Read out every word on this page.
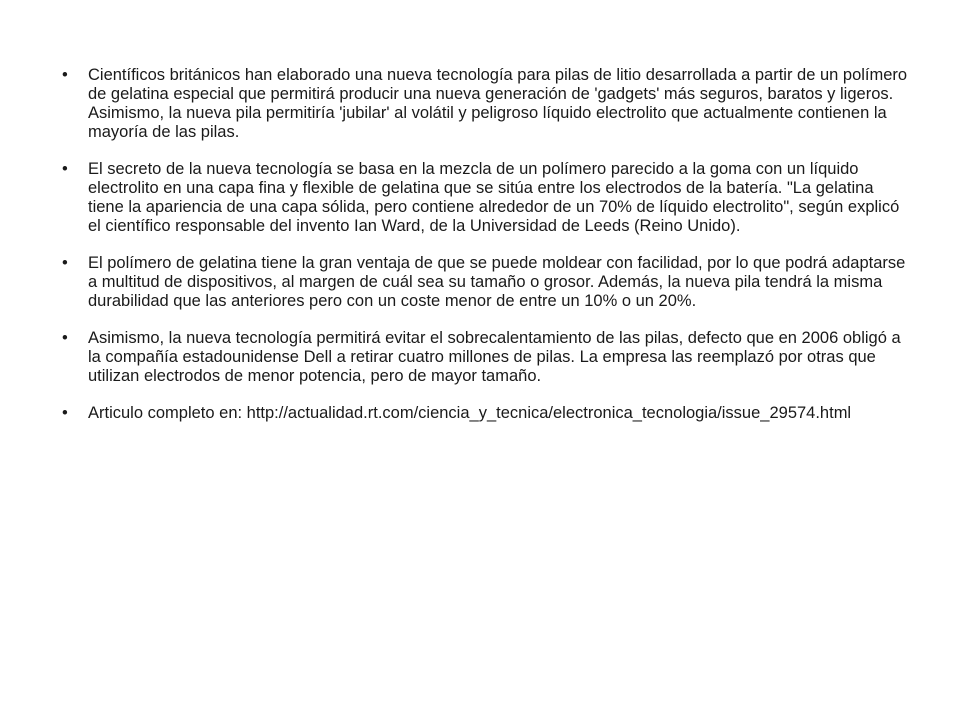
•	Científicos británicos han elaborado una nueva tecnología para pilas de litio desarrollada a partir de un polímero de gelatina especial que permitirá producir una nueva generación de 'gadgets' más seguros, baratos y ligeros. Asimismo, la nueva pila permitiría 'jubilar' al volátil y peligroso líquido electrolito que actualmente contienen la mayoría de las pilas.
•	El secreto de la nueva tecnología se basa en la mezcla de un polímero parecido a la goma con un líquido electrolito en una capa fina y flexible de gelatina que se sitúa entre los electrodos de la batería. "La gelatina tiene la apariencia de una capa sólida, pero contiene alrededor de un 70% de líquido electrolito", según explicó el científico responsable del invento Ian Ward, de la Universidad de Leeds (Reino Unido).
•	El polímero de gelatina tiene la gran ventaja de que se puede moldear con facilidad, por lo que podrá adaptarse a multitud de dispositivos, al margen de cuál sea su tamaño o grosor. Además, la nueva pila tendrá la misma durabilidad que las anteriores pero con un coste menor de entre un 10% o un 20%.
•	Asimismo, la nueva tecnología permitirá evitar el sobrecalentamiento de las pilas, defecto que en 2006 obligó a la compañía estadounidense Dell a retirar cuatro millones de pilas. La empresa las reemplazó por otras que utilizan electrodos de menor potencia, pero de mayor tamaño.
•	Articulo completo en: http://actualidad.rt.com/ciencia_y_tecnica/electronica_tecnologia/issue_29574.html
